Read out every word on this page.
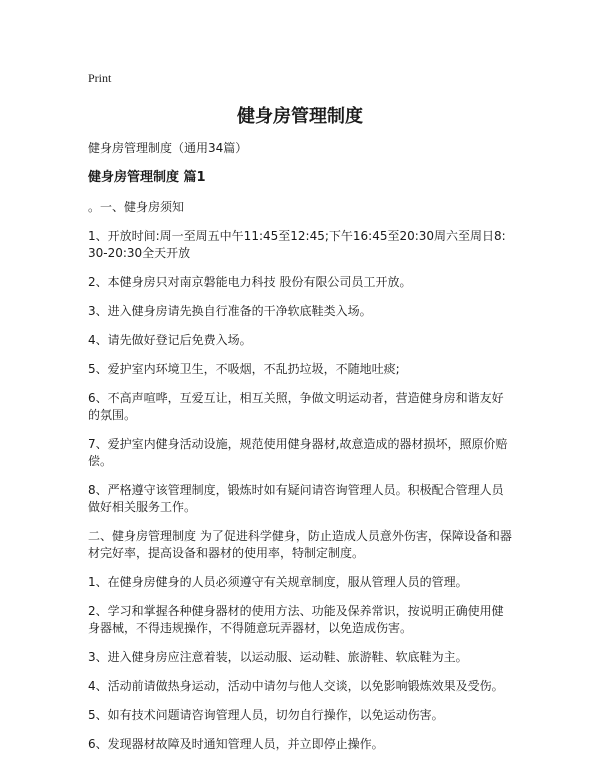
Print

健身房管理制度

健身房管理制度（通用34篇）

健身房管理制度 篇1
。一、健身房须知
1、开放时间:周一至周五中午11:45至12:45;下午16:45至20:30周六至周日8:30-20:30全天开放
2、本健身房只对南京磐能电力科技 股份有限公司员工开放。
3、进入健身房请先换自行准备的干净软底鞋类入场。
4、请先做好登记后免费入场。
5、爱护室内环境卫生，不吸烟，不乱扔垃圾，不随地吐痰;
6、不高声喧哗，互爱互让，相互关照，争做文明运动者，营造健身房和谐友好的氛围。
7、爱护室内健身活动设施，规范使用健身器材,故意造成的器材损坏，照原价赔偿。
8、严格遵守该管理制度，锻炼时如有疑问请咨询管理人员。积极配合管理人员做好相关服务工作。
二、健身房管理制度 为了促进科学健身，防止造成人员意外伤害，保障设备和器材完好率，提高设备和器材的使用率，特制定制度。
1、在健身房健身的人员必须遵守有关规章制度，服从管理人员的管理。
2、学习和掌握各种健身器材的使用方法、功能及保养常识，按说明正确使用健身器械，不得违规操作，不得随意玩弄器材，以免造成伤害。
3、进入健身房应注意着装，以运动服、运动鞋、旅游鞋、软底鞋为主。
4、活动前请做热身运动，活动中请勿与他人交谈，以免影响锻炼效果及受伤。
5、如有技术问题请咨询管理人员，切勿自行操作，以免运动伤害。
6、发现器材故障及时通知管理人员，并立即停止操作。
